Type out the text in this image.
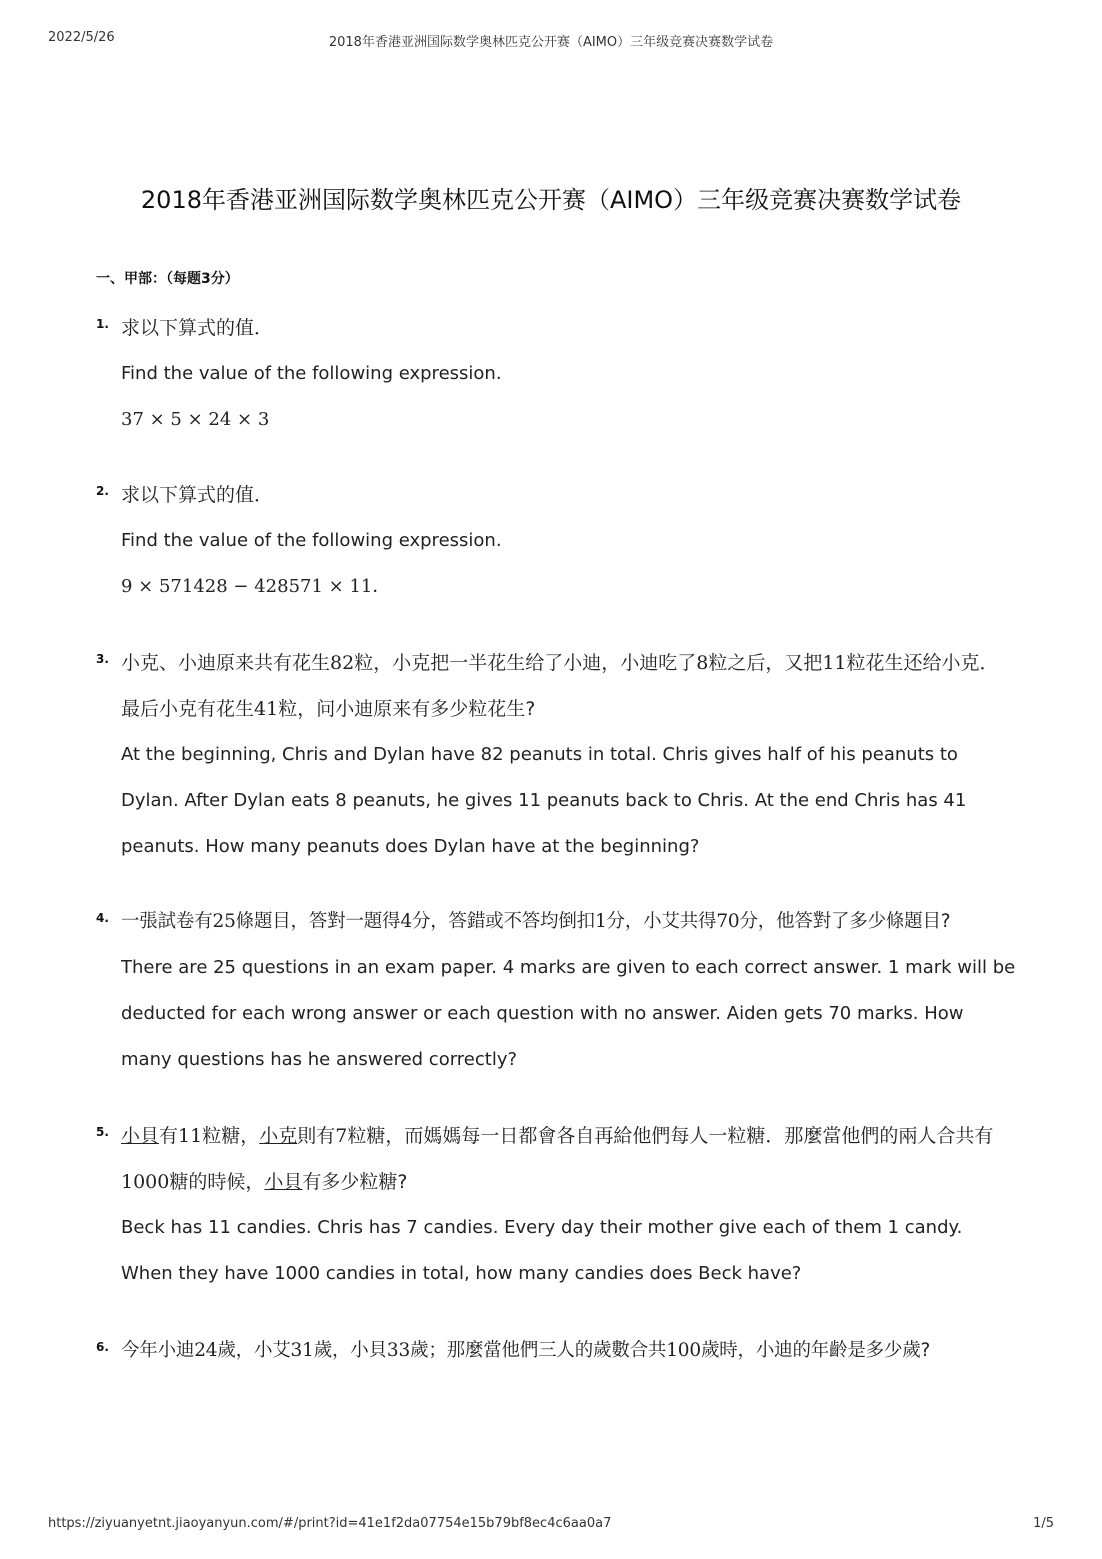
2022/5/26	2018年香港亚洲国际数学奥林匹克公开赛（AIMO）三年级竞赛决赛数学试卷
2018年香港亚洲国际数学奥林匹克公开赛（AIMO）三年级竞赛决赛数学试卷
一、甲部：（每题3分）
1. 求以下算式的值．
Find the value of the following expression.
37 × 5 × 24 × 3
2. 求以下算式的值．
Find the value of the following expression.
9 × 571428 − 428571 × 11．
3. 小克、小迪原来共有花生82粒，小克把一半花生给了小迪，小迪吃了8粒之后，又把11粒花生还给小克．最后小克有花生41粒，问小迪原来有多少粒花生?
At the beginning, Chris and Dylan have 82 peanuts in total. Chris gives half of his peanuts to Dylan. After Dylan eats 8 peanuts, he gives 11 peanuts back to Chris. At the end Chris has 41 peanuts. How many peanuts does Dylan have at the beginning?
4. 一張試卷有25條題目，答對一題得4分，答錯或不答均倒扣1分，小艾共得70分，他答對了多少條題目?
There are 25 questions in an exam paper. 4 marks are given to each correct answer. 1 mark will be deducted for each wrong answer or each question with no answer. Aiden gets 70 marks. How many questions has he answered correctly?
5. 小貝有11粒糖，小克則有7粒糖，而媽媽每一日都會各自再給他們每人一粒糖．那麼當他們的兩人合共有1000糖的時候，小貝有多少粒糖?
Beck has 11 candies. Chris has 7 candies. Every day their mother give each of them 1 candy. When they have 1000 candies in total, how many candies does Beck have?
6. 今年小迪24歲，小艾31歲，小貝33歲；那麼當他們三人的歲數合共100歲時，小迪的年齡是多少歲?
https://ziyuanyetnt.jiaoyanyun.com/#/print?id=41e1f2da07754e15b79bf8ec4c6aa0a7	1/5
